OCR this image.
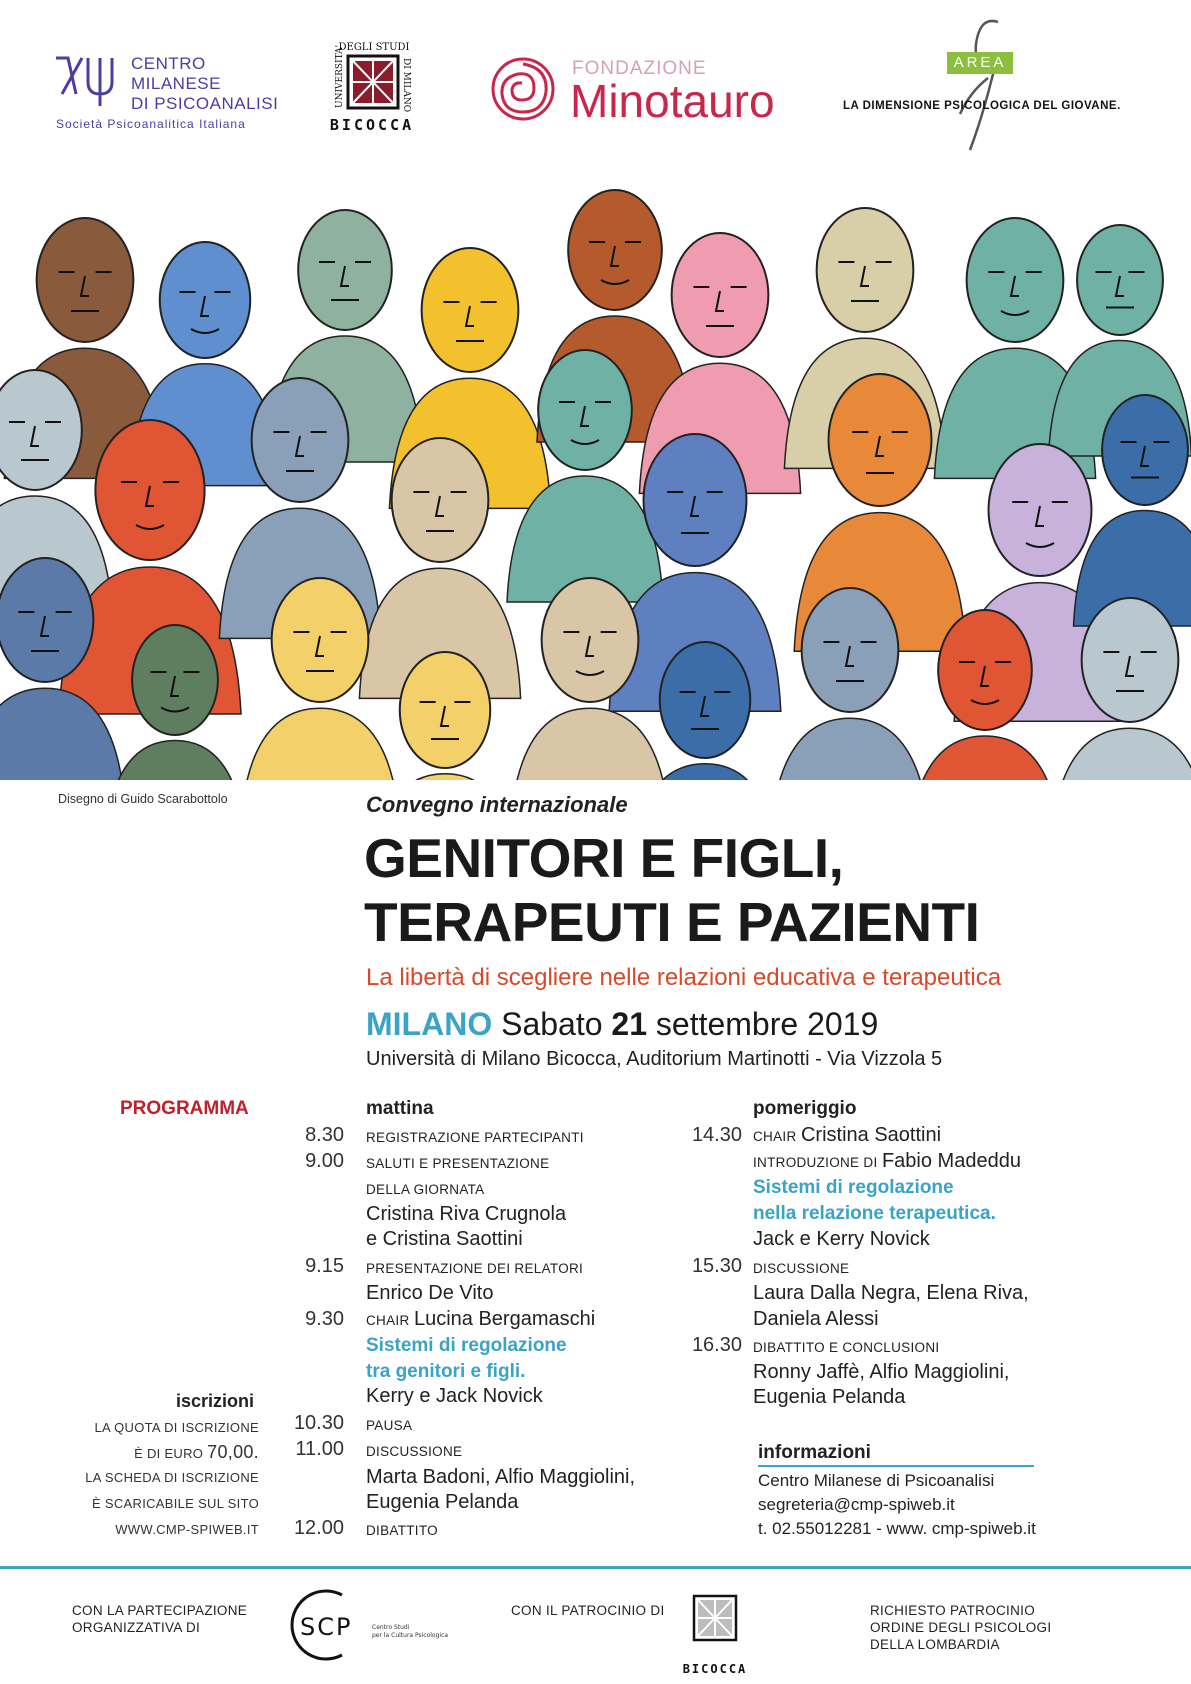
CENTRO
MILANESE
DI PSICOANALISI
Società Psicoanalitica Italiana
DEGLI STUDI
UNIVERSITA'	DI MILANO
BICOCCA
FONDAZIONE
Minotauro
AREA
LA DIMENSIONE PSICOLOGICA DEL GIOVANE.
Disegno di Guido Scarabottolo	Convegno internazionale
GENITORI E FIGLI,
TERAPEUTI E PAZIENTI
La libertà di scegliere nelle relazioni educativa e terapeutica
MILANO Sabato 21 settembre 2019
Università di Milano Bicocca, Auditorium Martinotti - Via Vizzola 5
PROGRAMMA	mattina
8.30 REGISTRAZIONE PARTECIPANTI
9.00 SALUTI E PRESENTAZIONE
DELLA GIORNATA
Cristina Riva Crugnola
e Cristina Saottini
9.15 PRESENTAZIONE DEI RELATORI
Enrico De Vito
9.30 CHAIR Lucina Bergamaschi
Sistemi di regolazione
tra genitori e figli.
Kerry e Jack Novick
10.30 PAUSA
11.00 DISCUSSIONE
Marta Badoni, Alfio Maggiolini,
Eugenia Pelanda
12.00 DIBATTITO
pomeriggio
14.30 CHAIR Cristina Saottini
INTRODUZIONE DI Fabio Madeddu
Sistemi di regolazione
nella relazione terapeutica.
Jack e Kerry Novick
15.30 DISCUSSIONE
Laura Dalla Negra, Elena Riva,
Daniela Alessi
16.30 DIBATTITO E CONCLUSIONI
Ronny Jaffè, Alfio Maggiolini,
Eugenia Pelanda
iscrizioni
LA QUOTA DI ISCRIZIONE
È DI EURO 70,00.
LA SCHEDA DI ISCRIZIONE
È SCARICABILE SUL SITO
WWW.CMP-SPIWEB.IT
informazioni
Centro Milanese di Psicoanalisi
segreteria@cmp-spiweb.it
t. 02.55012281 - www. cmp-spiweb.it
CON LA PARTECIPAZIONE
ORGANIZZATIVA DI	SCP	Centro Studi
per la Cultura Psicologica
CON IL PATROCINIO DI
BICOCCA
RICHIESTO PATROCINIO
ORDINE DEGLI PSICOLOGI
DELLA LOMBARDIA
